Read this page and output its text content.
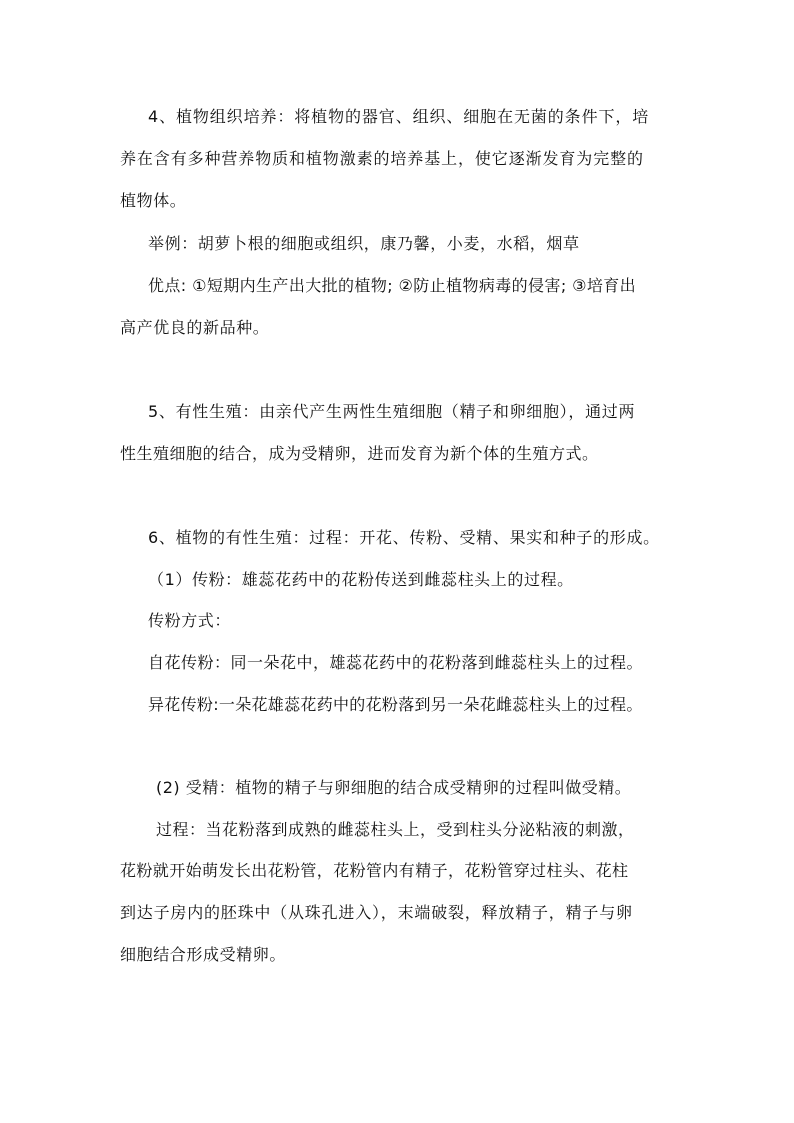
4、植物组织培养：将植物的器官、组织、细胞在无菌的条件下，培
养在含有多种营养物质和植物激素的培养基上，使它逐渐发育为完整的
植物体。
举例：胡萝卜根的细胞或组织，康乃馨，小麦，水稻，烟草
优点: ①短期内生产出大批的植物; ②防止植物病毒的侵害; ③培育出
高产优良的新品种。
5、有性生殖：由亲代产生两性生殖细胞（精子和卵细胞），通过两
性生殖细胞的结合，成为受精卵，进而发育为新个体的生殖方式。
6、植物的有性生殖：过程：开花、传粉、受精、果实和种子的形成。
（1）传粉：雄蕊花药中的花粉传送到雌蕊柱头上的过程。
传粉方式：
自花传粉：同一朵花中，雄蕊花药中的花粉落到雌蕊柱头上的过程。
异花传粉:一朵花雄蕊花药中的花粉落到另一朵花雌蕊柱头上的过程。
(2) 受精：植物的精子与卵细胞的结合成受精卵的过程叫做受精。
过程：当花粉落到成熟的雌蕊柱头上，受到柱头分泌粘液的刺激，
花粉就开始萌发长出花粉管，花粉管内有精子，花粉管穿过柱头、花柱
到达子房内的胚珠中（从珠孔进入），末端破裂，释放精子，精子与卵
细胞结合形成受精卵。
